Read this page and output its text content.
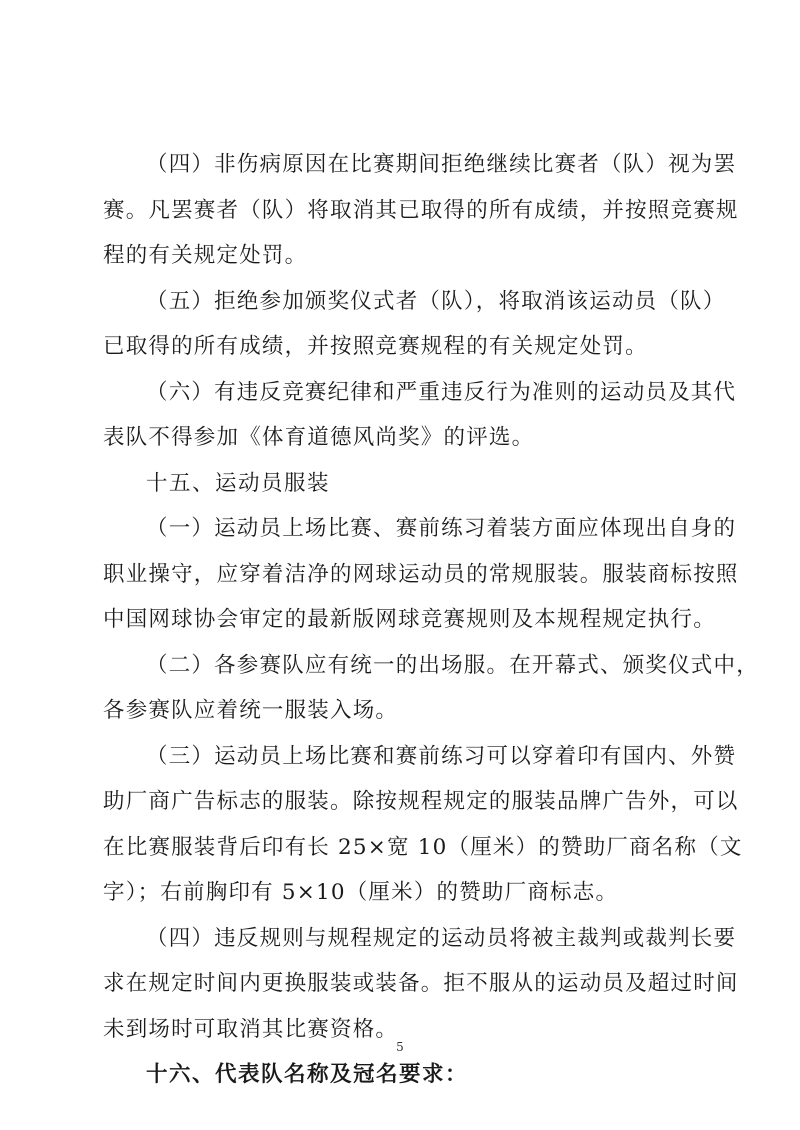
（四）非伤病原因在比赛期间拒绝继续比赛者（队）视为罢
赛。凡罢赛者（队）将取消其已取得的所有成绩，并按照竞赛规
程的有关规定处罚。

（五）拒绝参加颁奖仪式者（队），将取消该运动员（队）
已取得的所有成绩，并按照竞赛规程的有关规定处罚。

（六）有违反竞赛纪律和严重违反行为准则的运动员及其代
表队不得参加《体育道德风尚奖》的评选。

十五、运动员服装

（一）运动员上场比赛、赛前练习着装方面应体现出自身的
职业操守，应穿着洁净的网球运动员的常规服装。服装商标按照
中国网球协会审定的最新版网球竞赛规则及本规程规定执行。

（二）各参赛队应有统一的出场服。在开幕式、颁奖仪式中，
各参赛队应着统一服装入场。

（三）运动员上场比赛和赛前练习可以穿着印有国内、外赞
助厂商广告标志的服装。除按规程规定的服装品牌广告外，可以
在比赛服装背后印有长 25×宽 10（厘米）的赞助厂商名称（文
字）；右前胸印有 5×10（厘米）的赞助厂商标志。

（四）违反规则与规程规定的运动员将被主裁判或裁判长要
求在规定时间内更换服装或装备。拒不服从的运动员及超过时间
未到场时可取消其比赛资格。

十六、代表队名称及冠名要求：

5
